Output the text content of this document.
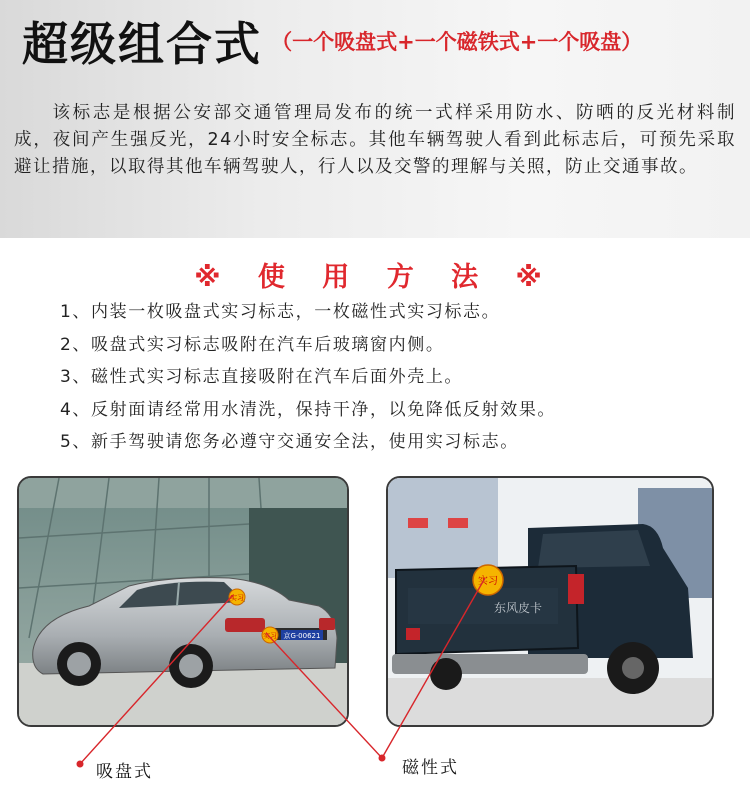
超级组合式 （一个吸盘式+一个磁铁式+一个吸盘）

该标志是根据公安部交通管理局发布的统一式样采用防水、防晒的反光材料制成，夜间产生强反光，24小时安全标志。其他车辆驾驶人看到此标志后，可预先采取避让措施，以取得其他车辆驾驶人，行人以及交警的理解与关照，防止交通事故。

※ 使 用 方 法 ※
1、内装一枚吸盘式实习标志，一枚磁性式实习标志。
2、吸盘式实习标志吸附在汽车后玻璃窗内侧。
3、磁性式实习标志直接吸附在汽车后面外壳上。
4、反射面请经常用水清洗，保持干净，以免降低反射效果。
5、新手驾驶请您务必遵守交通安全法，使用实习标志。
京G·00621
实习
实习
东风皮卡
实习
吸盘式	磁性式
